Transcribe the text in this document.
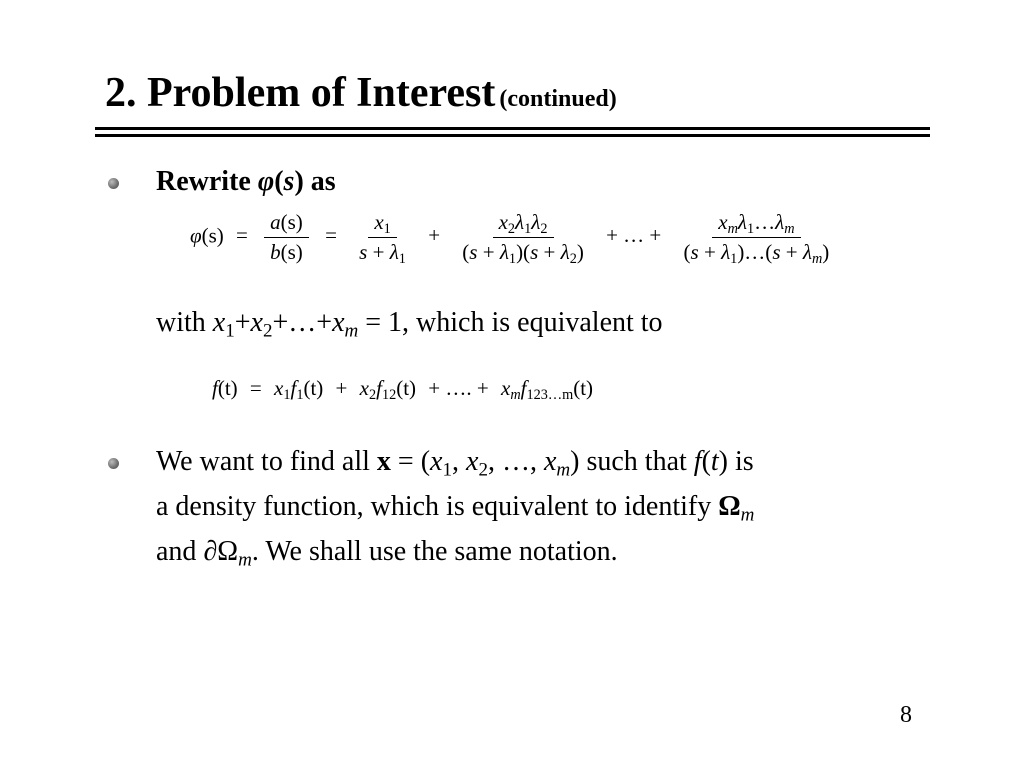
2. Problem of Interest (continued)
Rewrite φ(s) as
$\varphi(s) = \frac{a(s)}{b(s)} = \frac{x_1}{s + \lambda_1} + \frac{x_2\lambda_1\lambda_2}{(s + \lambda_1)(s + \lambda_2)}$ + … + $\frac{x_m\lambda_1\dots\lambda_m}{(s + \lambda_1)\dots(s + \lambda_m)}$
with $x_1+x_2+\dots+x_m = 1$, which is equivalent to
$f(t) = x_1f_1(t) + x_2f_{12}(t)$ + …. + $x_mf_{123\dots m}(t)$
We want to find all $x = (x_1$, $x_2$, …, $x_m$) such that f(t) is
a density function, which is equivalent to identify $\Omega_m$
and $\partial\Omega_m$. We shall use the same notation.
8
